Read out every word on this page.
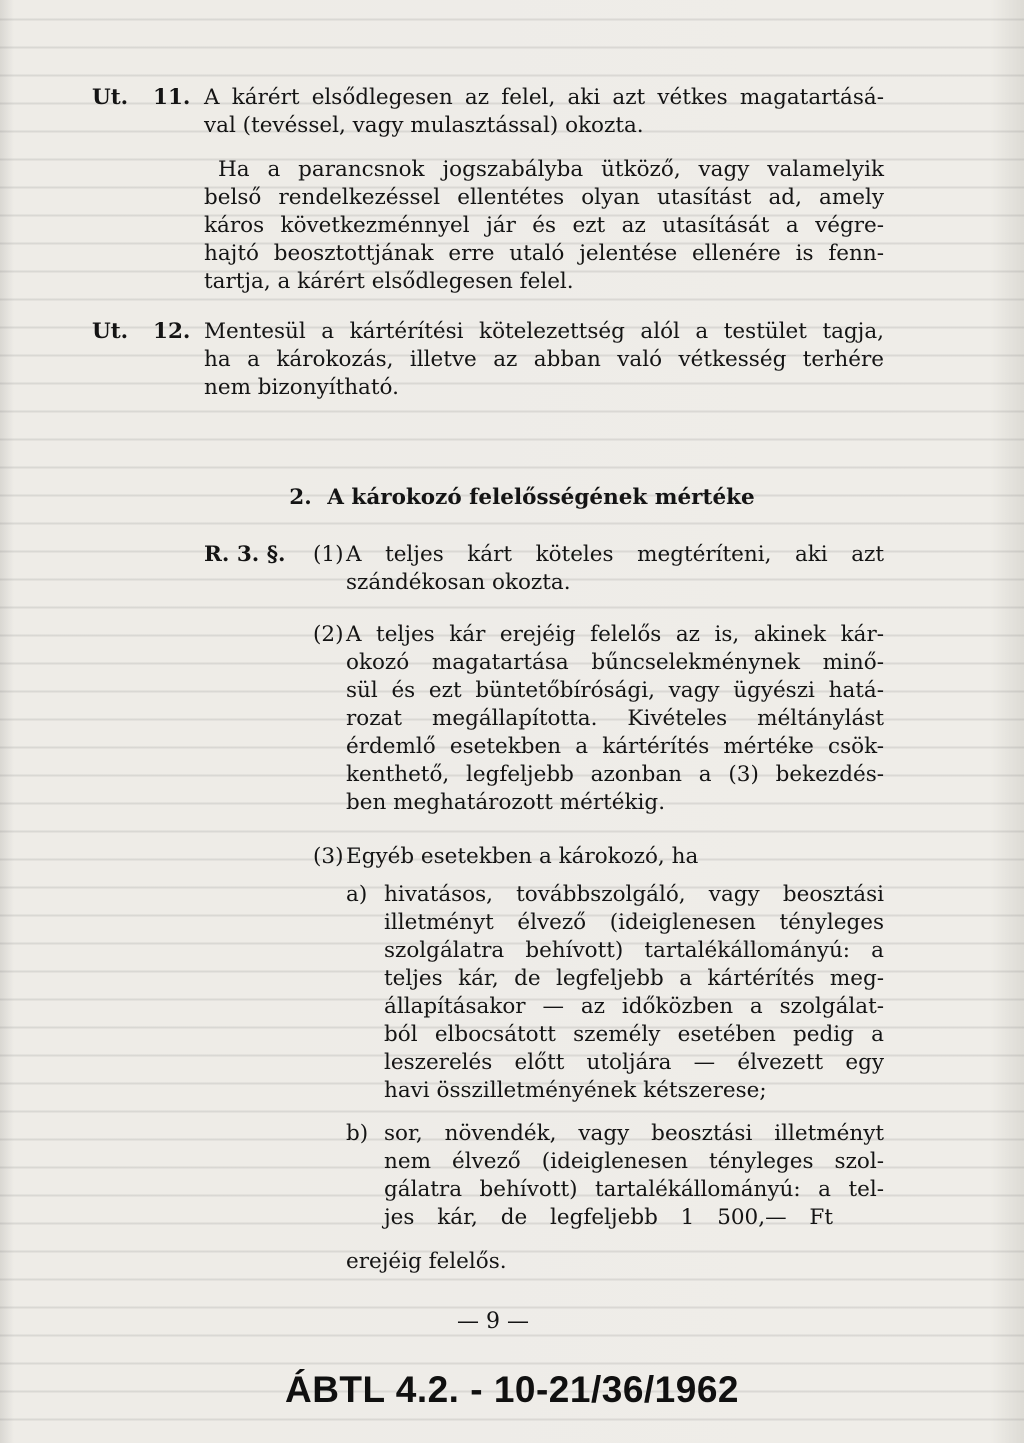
Ut. 11. A kárért elsődlegesen az felel, aki azt vétkes magatartásá-
val (tevéssel, vagy mulasztással) okozta.
Ha a parancsnok jogszabályba ütköző, vagy valamelyik
belső rendelkezéssel ellentétes olyan utasítást ad, amely
káros következménnyel jár és ezt az utasítását a végre-
hajtó beosztottjának erre utaló jelentése ellenére is fenn-
tartja, a kárért elsődlegesen felel.
Ut. 12. Mentesül a kártérítési kötelezettség alól a testület tagja,
ha a károkozás, illetve az abban való vétkesség terhére
nem bizonyítható.
2. A károkozó felelősségének mértéke
R. 3. §. (1) A teljes kárt köteles megtéríteni, aki azt
szándékosan okozta.
(2) A teljes kár erejéig felelős az is, akinek kár-
okozó magatartása bűncselekménynek minő-
sül és ezt büntetőbírósági, vagy ügyészi hatá-
rozat megállapította. Kivételes méltánylást
érdemlő esetekben a kártérítés mértéke csök-
kenthető, legfeljebb azonban a (3) bekezdés-
ben meghatározott mértékig.
(3) Egyéb esetekben a károkozó, ha
a) hivatásos, továbbszolgáló, vagy beosztási
illetményt élvező (ideiglenesen tényleges
szolgálatra behívott) tartalékállományú: a
teljes kár, de legfeljebb a kártérítés meg-
állapításakor — az időközben a szolgálat-
ból elbocsátott személy esetében pedig a
leszerelés előtt utoljára — élvezett egy
havi összilletményének kétszerese;
b) sor, növendék, vagy beosztási illetményt
nem élvező (ideiglenesen tényleges szol-
gálatra behívott) tartalékállományú: a tel-
jes kár, de legfeljebb 1 500,— Ft
erejéig felelős.
— 9 —
ÁBTL 4.2. - 10-21/36/1962
